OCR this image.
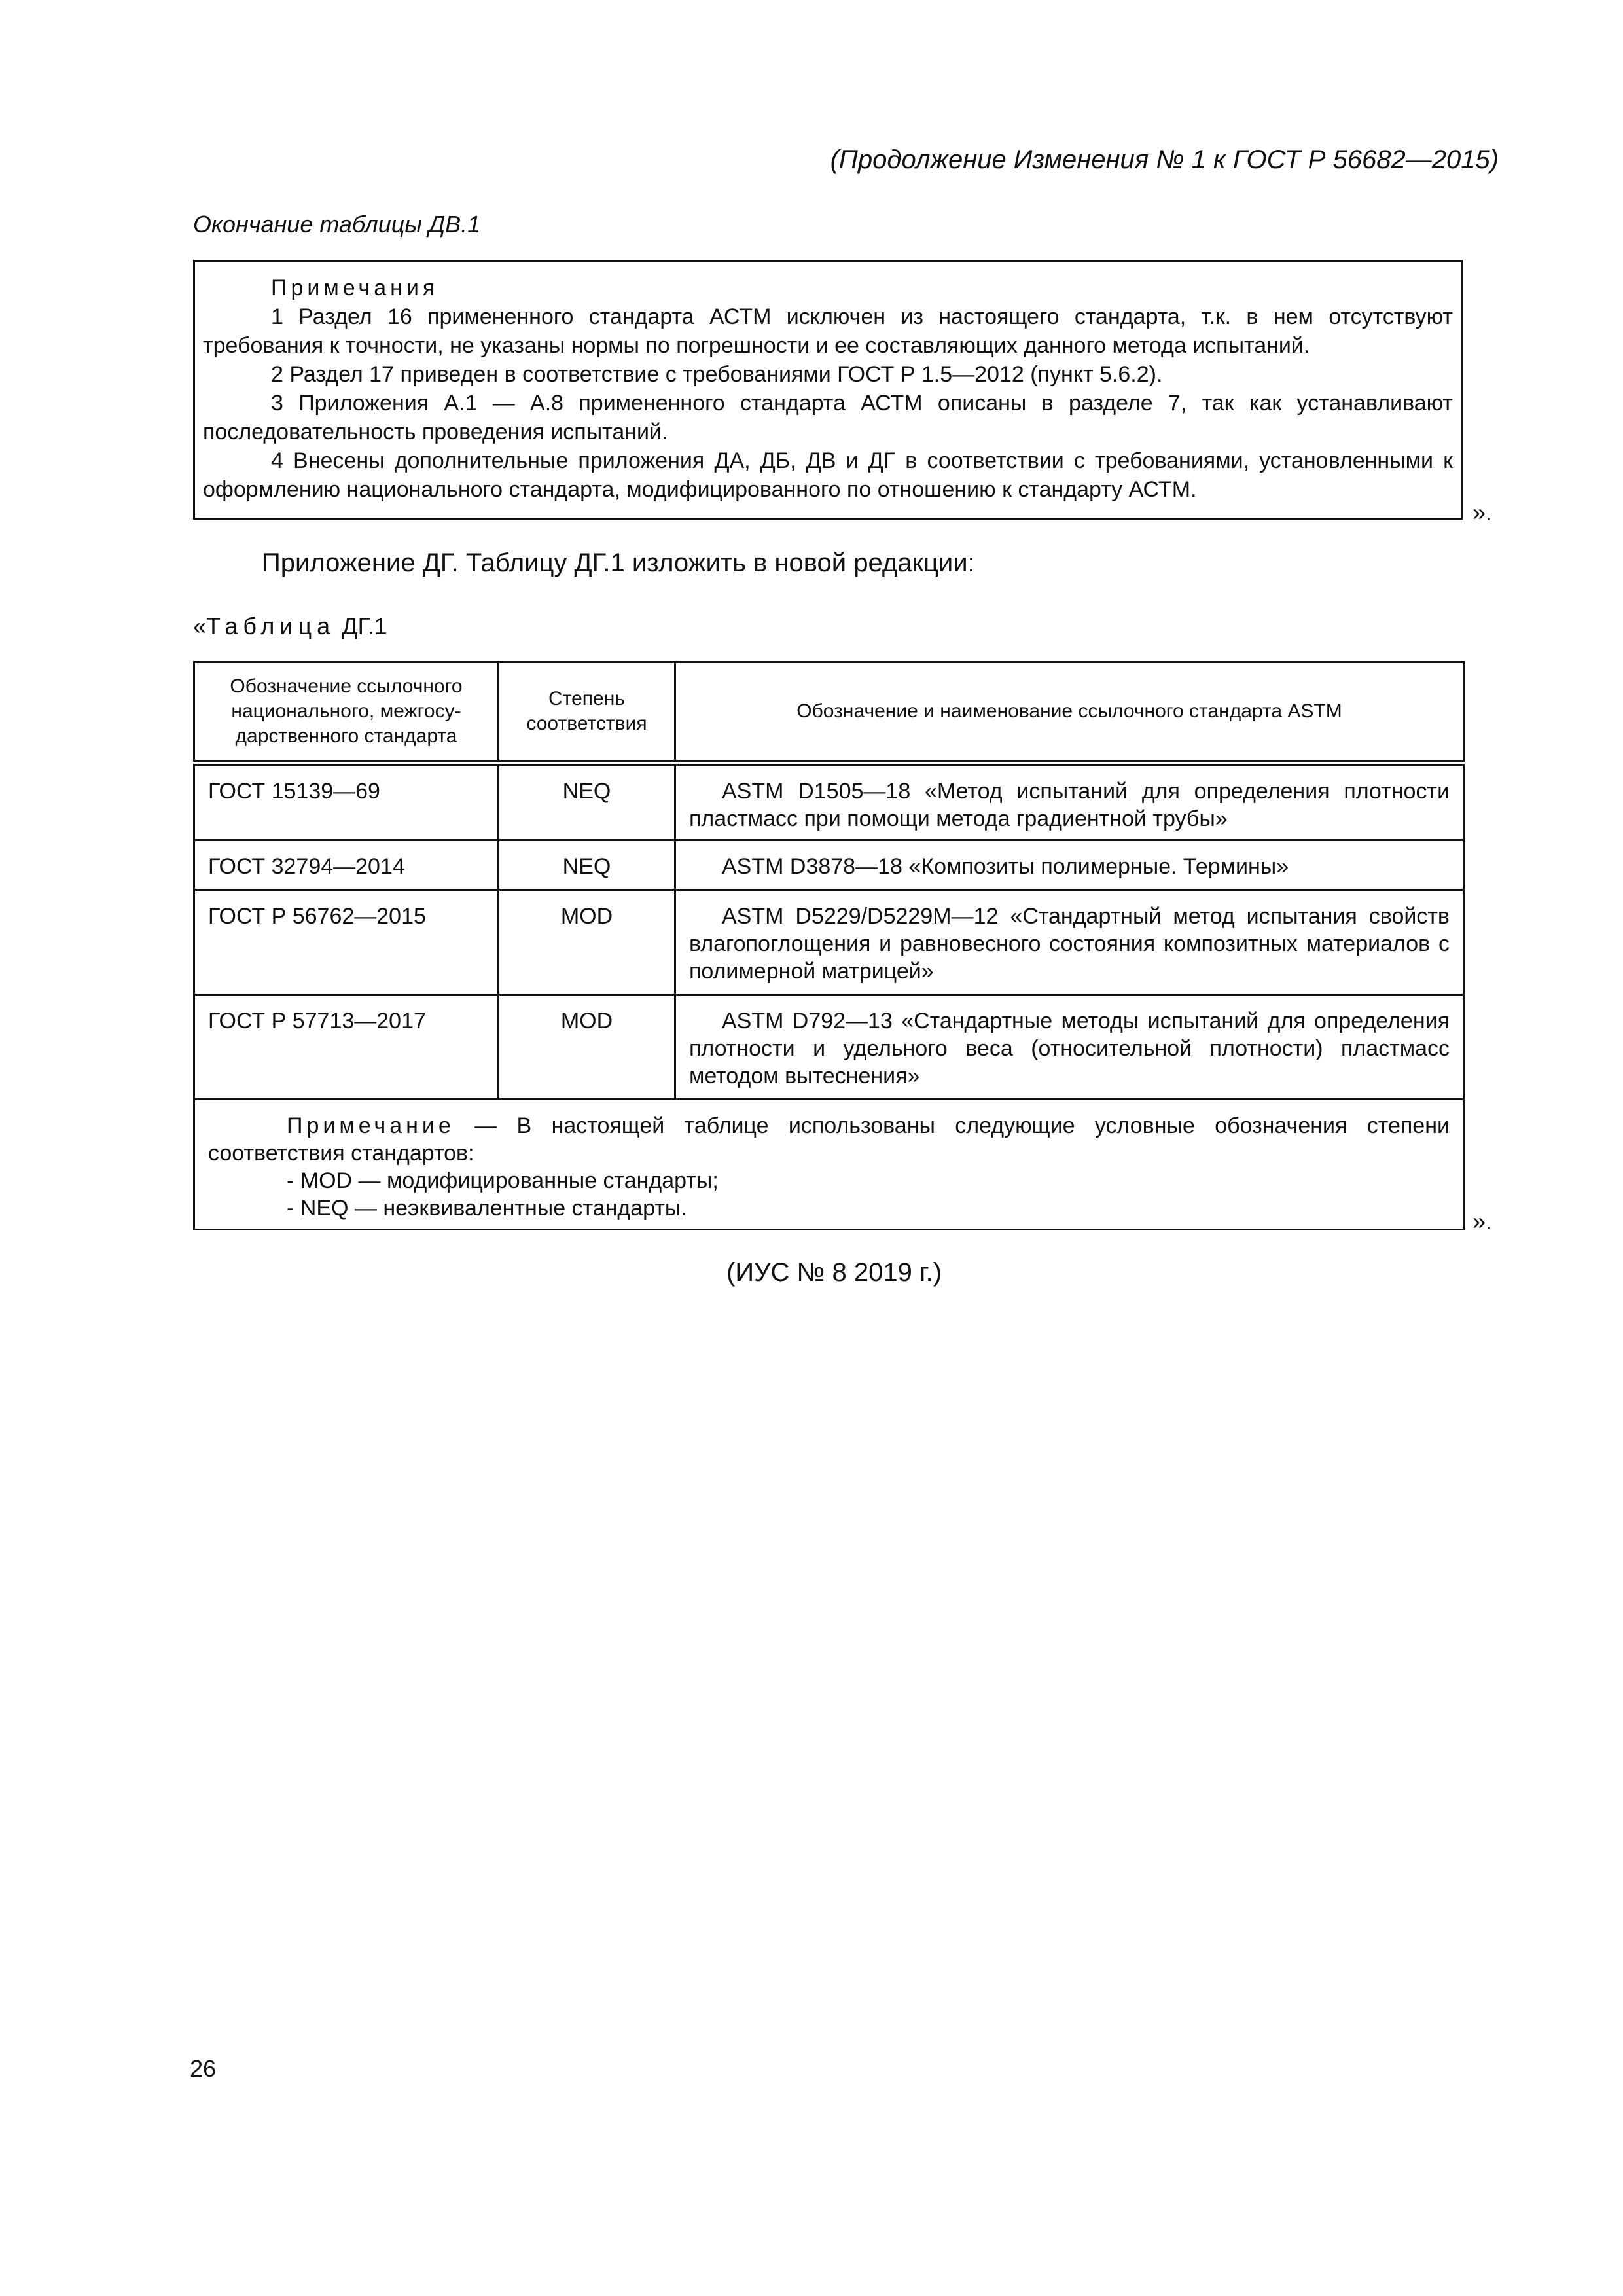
(Продолжение Изменения № 1 к ГОСТ Р 56682—2015)
Окончание таблицы ДВ.1

Примечания

1 Раздел 16 примененного стандарта АСТМ исключен из настоящего стандарта, т.к. в нем отсутствуют требования к точности, не указаны нормы по погрешности и ее составляющих данного метода испытаний.

2 Раздел 17 приведен в соответствие с требованиями ГОСТ Р 1.5—2012 (пункт 5.6.2).

3 Приложения А.1 — А.8 примененного стандарта АСТМ описаны в разделе 7, так как устанавливают последовательность проведения испытаний.

4 Внесены дополнительные приложения ДА, ДБ, ДВ и ДГ в соответствии с требованиями, установленными к оформлению национального стандарта, модифицированного по отношению к стандарту АСТМ.

».
Приложение ДГ. Таблицу ДГ.1 изложить в новой редакции:
«Таблица ДГ.1
Обозначение ссылочного национального, межгосу-дарственного стандарта	Степень соответствия	Обозначение и наименование ссылочного стандарта ASTM
ГОСТ 15139—69	NEQ	ASTM D1505—18 «Метод испытаний для определения плотности пластмасс при помощи метода градиентной трубы»
ГОСТ 32794—2014	NEQ	ASTM D3878—18 «Композиты полимерные. Термины»
ГОСТ Р 56762—2015	MOD	ASTM D5229/D5229M—12 «Стандартный метод испытания свойств влагопоглощения и равновесного состояния композитных материалов с полимерной матрицей»
ГОСТ Р 57713—2017	MOD	ASTM D792—13 «Стандартные методы испытаний для определения плотности и удельного веса (относительной плотности) пластмасс методом вытеснения»

Примечание — В настоящей таблице использованы следующие условные обозначения степени соответствия стандартов:

- MOD — модифицированные стандарты;

- NEQ — неэквивалентные стандарты.			».
(ИУС № 8 2019 г.)
26
